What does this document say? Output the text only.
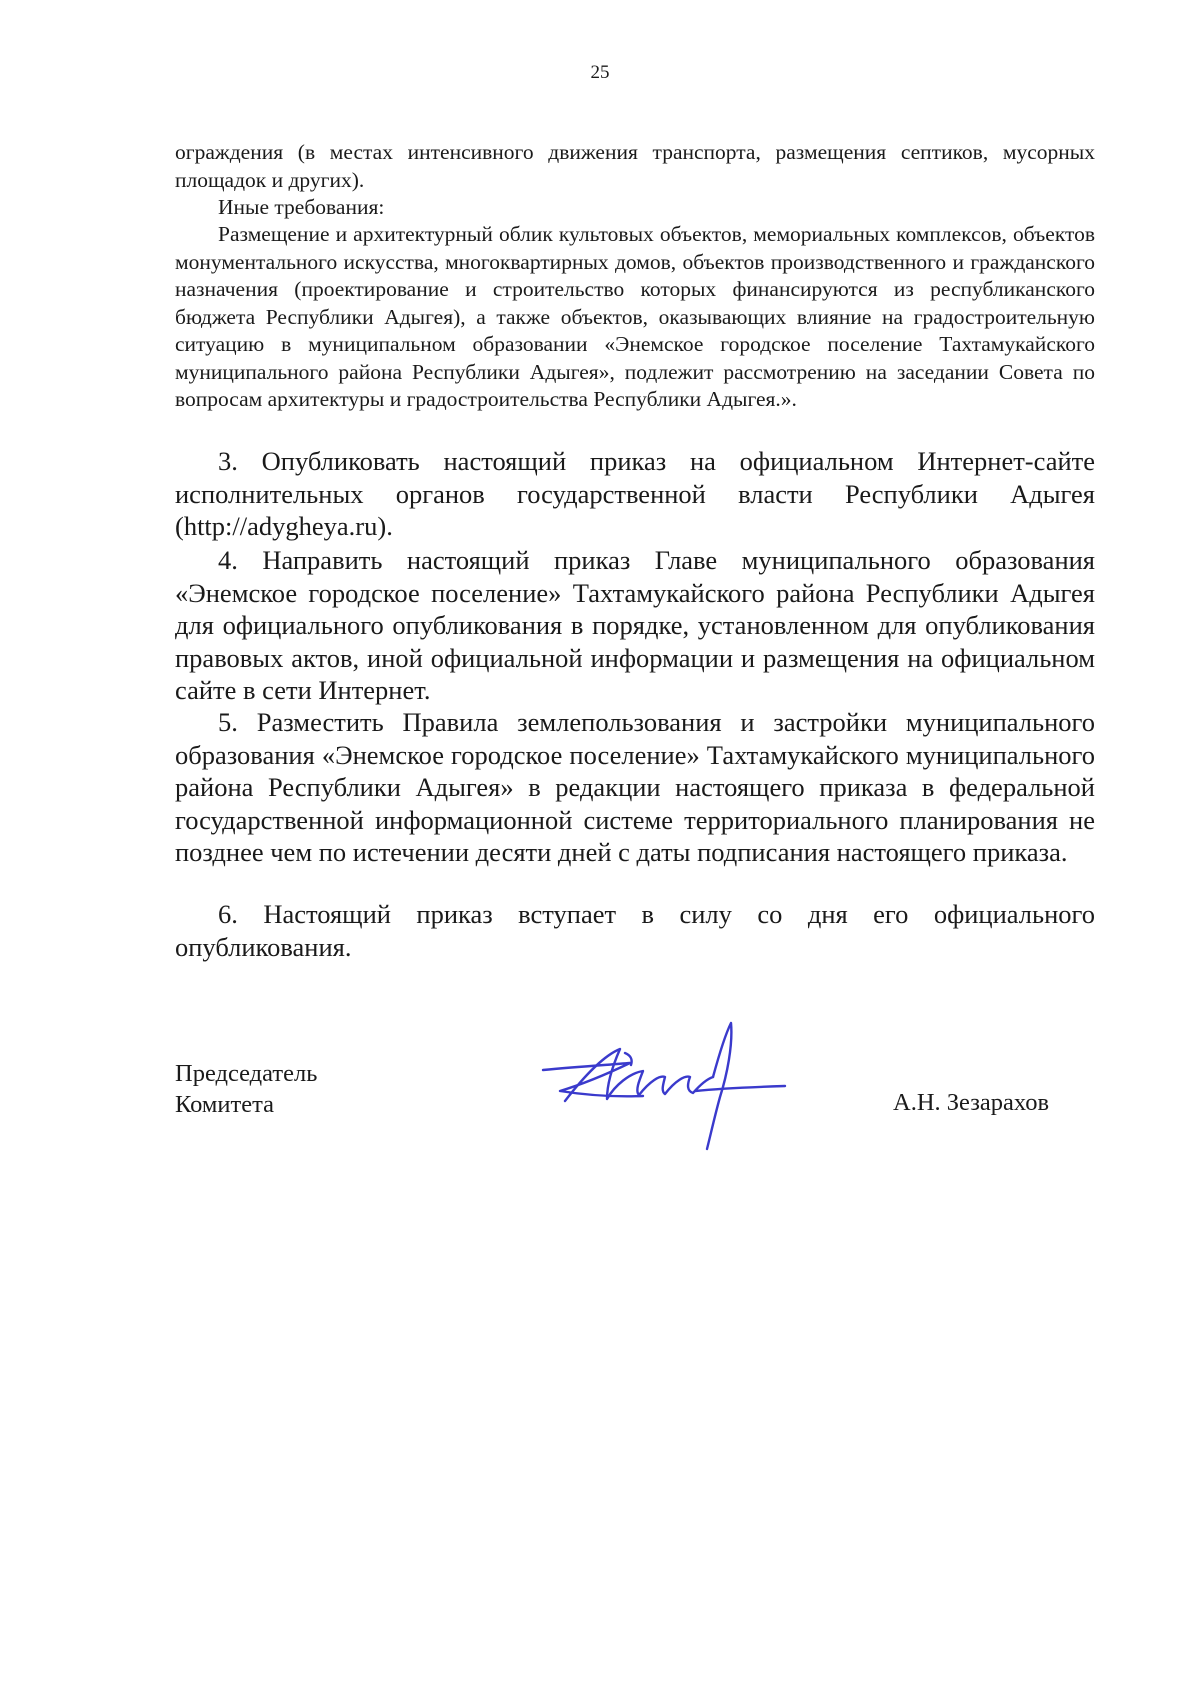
25

ограждения (в местах интенсивного движения транспорта, размещения септиков, мусорных площадок и других).

Иные требования:

Размещение и архитектурный облик культовых объектов, мемориальных комплексов, объектов монументального искусства, многоквартирных домов, объектов производственного и гражданского назначения (проектирование и строительство которых финансируются из республиканского бюджета Республики Адыгея), а также объектов, оказывающих влияние на градостроительную ситуацию в муниципальном образовании «Энемское городское поселение Тахтамукайского муниципального района Республики Адыгея», подлежит рассмотрению на заседании Совета по вопросам архитектуры и градостроительства Республики Адыгея.».

3. Опубликовать настоящий приказ на официальном Интернет-сайте исполнительных органов государственной власти Республики Адыгея (http://adygheya.ru).

4. Направить настоящий приказ Главе муниципального образования «Энемское городское поселение» Тахтамукайского района Республики Адыгея для официального опубликования в порядке, установленном для опубликования правовых актов, иной официальной информации и размещения на официальном сайте в сети Интернет.

5. Разместить Правила землепользования и застройки муниципального образования «Энемское городское поселение» Тахтамукайского муниципального района Республики Адыгея» в редакции настоящего приказа в федеральной государственной информационной системе территориального планирования не позднее чем по истечении десяти дней с даты подписания настоящего приказа.

6. Настоящий приказ вступает в силу со дня его официального опубликования.

Председатель
Комитета	А.Н. Зезарахов
